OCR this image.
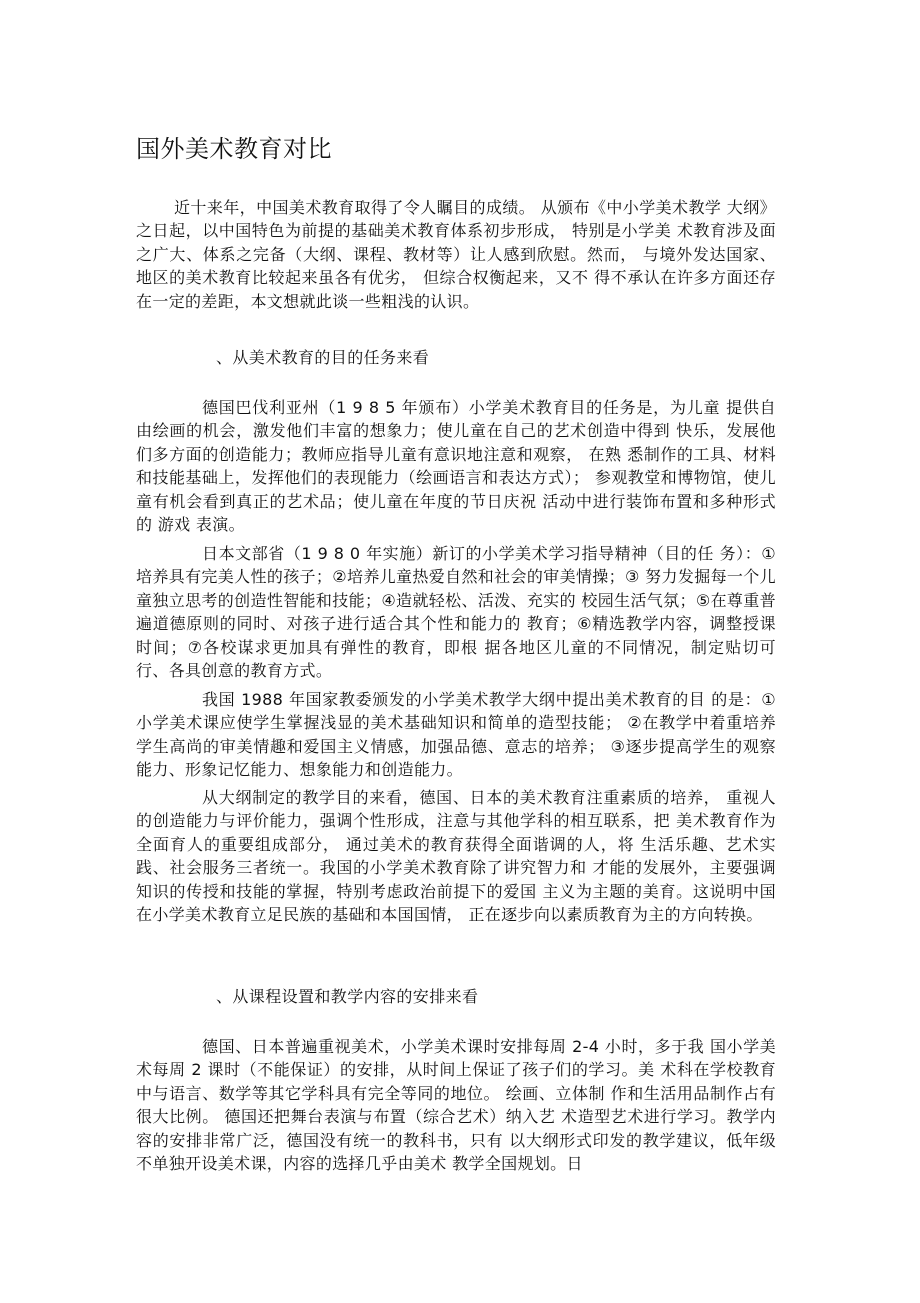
国外美术教育对比

近十来年，中国美术教育取得了令人瞩目的成绩。 从颁布《中小学美术教学 大纲》之日起，以中国特色为前提的基础美术教育体系初步形成， 特别是小学美 术教育涉及面之广大、体系之完备（大纲、课程、教材等）让人感到欣慰。然而， 与境外发达国家、地区的美术教育比较起来虽各有优劣， 但综合权衡起来，又不 得不承认在许多方面还存在一定的差距，本文想就此谈一些粗浅的认识。

、从美术教育的目的任务来看

德国巴伐利亚州（1 9 8 5 年颁布）小学美术教育目的任务是，为儿童 提供自由绘画的机会，激发他们丰富的想象力；使儿童在自己的艺术创造中得到 快乐，发展他们多方面的创造能力；教师应指导儿童有意识地注意和观察， 在熟 悉制作的工具、材料和技能基础上，发挥他们的表现能力（绘画语言和表达方式）； 参观教堂和博物馆，使儿童有机会看到真正的艺术品；使儿童在年度的节日庆祝 活动中进行装饰布置和多种形式的 游戏 表演。

日本文部省（1 9 8 0 年实施）新订的小学美术学习指导精神（目的任 务）：①培养具有完美人性的孩子；②培养儿童热爱自然和社会的审美情操；③ 努力发掘每一个儿童独立思考的创造性智能和技能；④造就轻松、活泼、充实的 校园生活气氛；⑤在尊重普遍道德原则的同时、对孩子进行适合其个性和能力的 教育；⑥精选教学内容，调整授课时间；⑦各校谋求更加具有弹性的教育，即根 据各地区儿童的不同情况，制定贴切可行、各具创意的教育方式。

我国 1988 年国家教委颁发的小学美术教学大纲中提出美术教育的目 的是：①小学美术课应使学生掌握浅显的美术基础知识和简单的造型技能； ②在教学中着重培养学生高尚的审美情趣和爱国主义情感，加强品德、意志的培养； ③逐步提高学生的观察能力、形象记忆能力、想象能力和创造能力。

从大纲制定的教学目的来看，德国、日本的美术教育注重素质的培养， 重视人的创造能力与评价能力，强调个性形成，注意与其他学科的相互联系，把 美术教育作为全面育人的重要组成部分， 通过美术的教育获得全面谐调的人，将 生活乐趣、艺术实践、社会服务三者统一。我国的小学美术教育除了讲究智力和 才能的发展外，主要强调知识的传授和技能的掌握，特别考虑政治前提下的爱国 主义为主题的美育。这说明中国在小学美术教育立足民族的基础和本国国情， 正在逐步向以素质教育为主的方向转换。

、从课程设置和教学内容的安排来看

德国、日本普遍重视美术，小学美术课时安排每周 2-4 小时，多于我 国小学美术每周 2 课时（不能保证）的安排，从时间上保证了孩子们的学习。美 术科在学校教育中与语言、数学等其它学科具有完全等同的地位。 绘画、立体制 作和生活用品制作占有很大比例。 德国还把舞台表演与布置（综合艺术）纳入艺 术造型艺术进行学习。教学内容的安排非常广泛，德国没有统一的教科书，只有 以大纲形式印发的教学建议，低年级不单独开设美术课，内容的选择几乎由美术 教学全国规划。日
